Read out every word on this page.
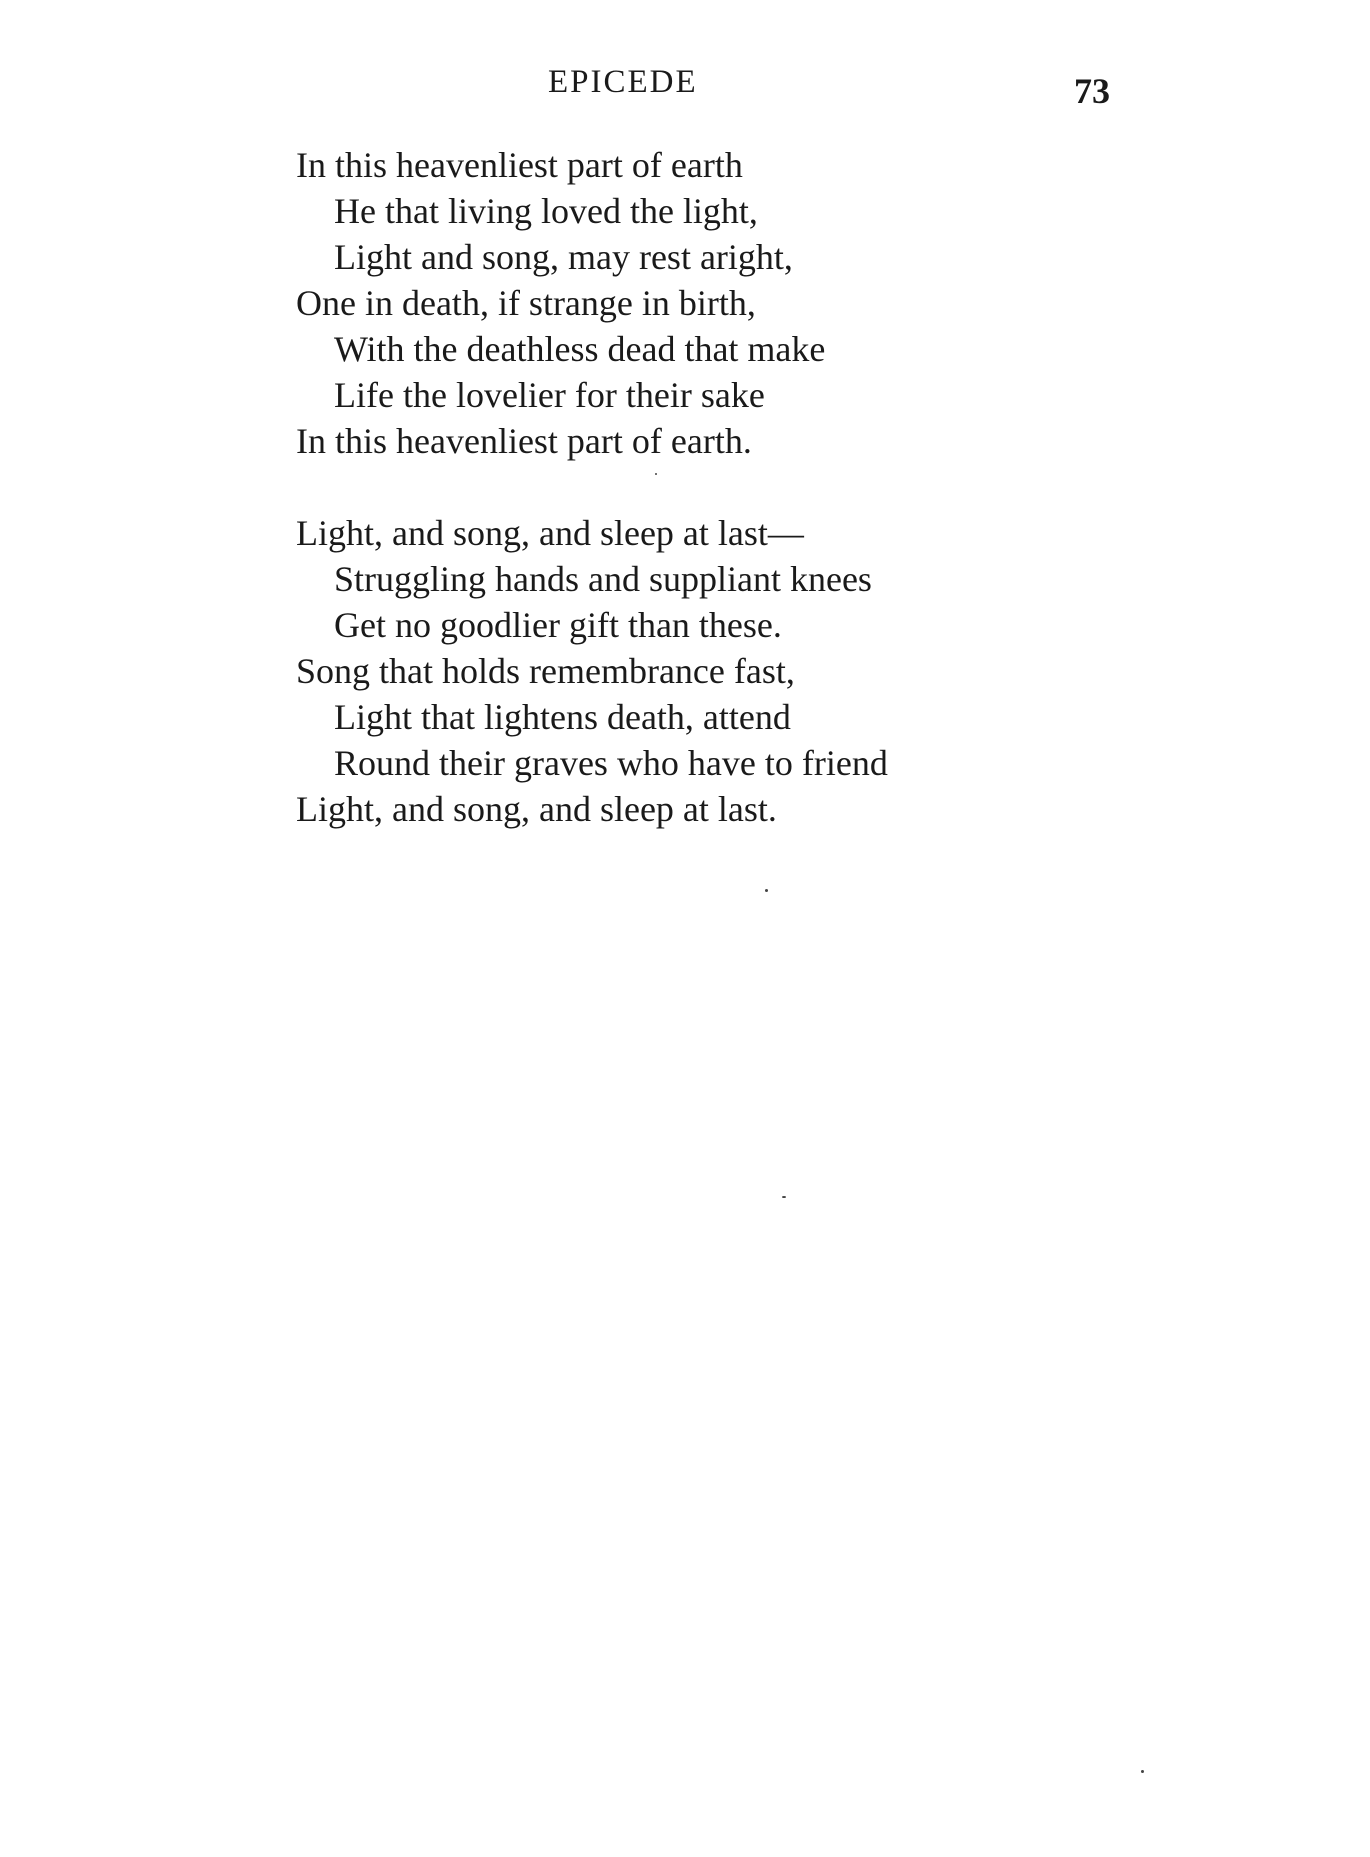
EPICEDE	73
In this heavenliest part of earth
He that living loved the light,
Light and song, may rest aright,
One in death, if strange in birth,
With the deathless dead that make
Life the lovelier for their sake
In this heavenliest part of earth.
Light, and song, and sleep at last—
Struggling hands and suppliant knees
Get no goodlier gift than these.
Song that holds remembrance fast,
Light that lightens death, attend
Round their graves who have to friend
Light, and song, and sleep at last.
